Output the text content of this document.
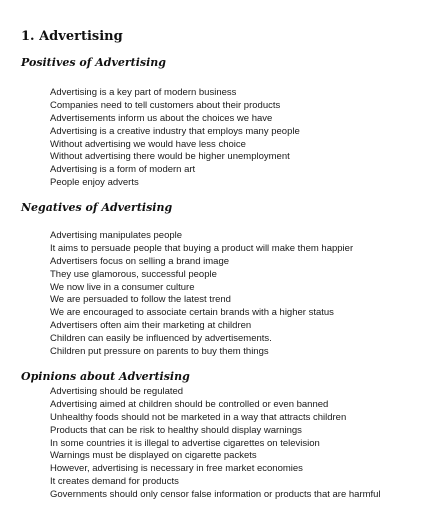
1. Advertising
Positives of Advertising
Advertising is a key part of modern business
Companies need to tell customers about their products
Advertisements inform us about the choices we have
Advertising is a creative industry that employs many people
Without advertising we would have less choice
Without advertising there would be higher unemployment
Advertising is a form of modern art
People enjoy adverts
Negatives of Advertising
Advertising manipulates people
It aims to persuade people that buying a product will make them happier
Advertisers focus on selling a brand image
They use glamorous, successful people
We now live in a consumer culture
We are persuaded to follow the latest trend
We are encouraged to associate certain brands with a higher status
Advertisers often aim their marketing at children
Children can easily be influenced by advertisements.
Children put pressure on parents to buy them things
Opinions about Advertising
Advertising should be regulated
Advertising aimed at children should be controlled or even banned
Unhealthy foods should not be marketed in a way that attracts children
Products that can be risk to healthy should display warnings
In some countries it is illegal to advertise cigarettes on television
Warnings must be displayed on cigarette packets
However, advertising is necessary in free market economies
It creates demand for products
Governments should only censor false information or products that are harmful
